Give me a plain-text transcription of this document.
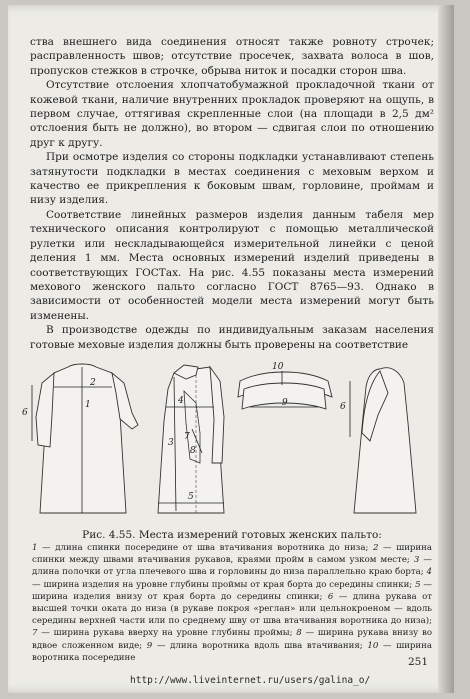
ства внешнего вида соединения относят также ровноту строчек; расправленность швов; отсутствие просечек, захвата волоса в шов, пропусков стежков в строчке, обрыва ниток и посадки сторон шва.

Отсутствие отслоения хлопчатобумажной прокладочной ткани от кожевой ткани, наличие внутренних прокладок проверяют на ощупь, в первом случае, оттягивая скрепленные слои (на площади в 2,5 дм² отслоения быть не должно), во втором — сдвигая слои по отношению друг к другу.

При осмотре изделия со стороны подкладки устанавливают степень затянутости подкладки в местах соединения с меховым верхом и качество ее прикрепления к боковым швам, горловине, проймам и низу изделия.

Соответствие линейных размеров изделия данным табеля мер технического описания контролируют с помощью металлической рулетки или нескладывающейся измерительной линейки с ценой деления 1 мм. Места основных измерений изделий приведены в соответствующих ГОСТах. На рис. 4.55 показаны места измерений мехового женского пальто согласно ГОСТ 8765—93. Однако в зависимости от особенностей модели места измерений могут быть изменены.

В производстве одежды по индивидуальным заказам населения готовые меховые изделия должны быть проверены на соответствие

1
2
6
3
4
5
7
8
10
9	6
Рис. 4.55. Места измерений готовых женских пальто:
1 — длина спинки посередине от шва втачивания воротника до низа; 2 — ширина спинки между швами втачивания рукавов, краями пройм в самом узком месте; 3 — длина полочки от угла плечевого шва и горловины до низа параллельно краю борта; 4 — ширина изделия на уровне глубины проймы от края борта до середины спинки; 5 — ширина изделия внизу от края борта до середины спинки; 6 — длина рукава от высшей точки оката до низа (в рукаве покроя «реглан» или цельнокроеном — вдоль середины верхней части или по среднему шву от шва втачивания воротника до низа); 7 — ширина рукава вверху на уровне глубины проймы; 8 — ширина рукава внизу во вдвое сложенном виде; 9 — длина воротника вдоль шва втачивания; 10 — ширина воротника посередине	251
http://www.liveinternet.ru/users/galina_o/
